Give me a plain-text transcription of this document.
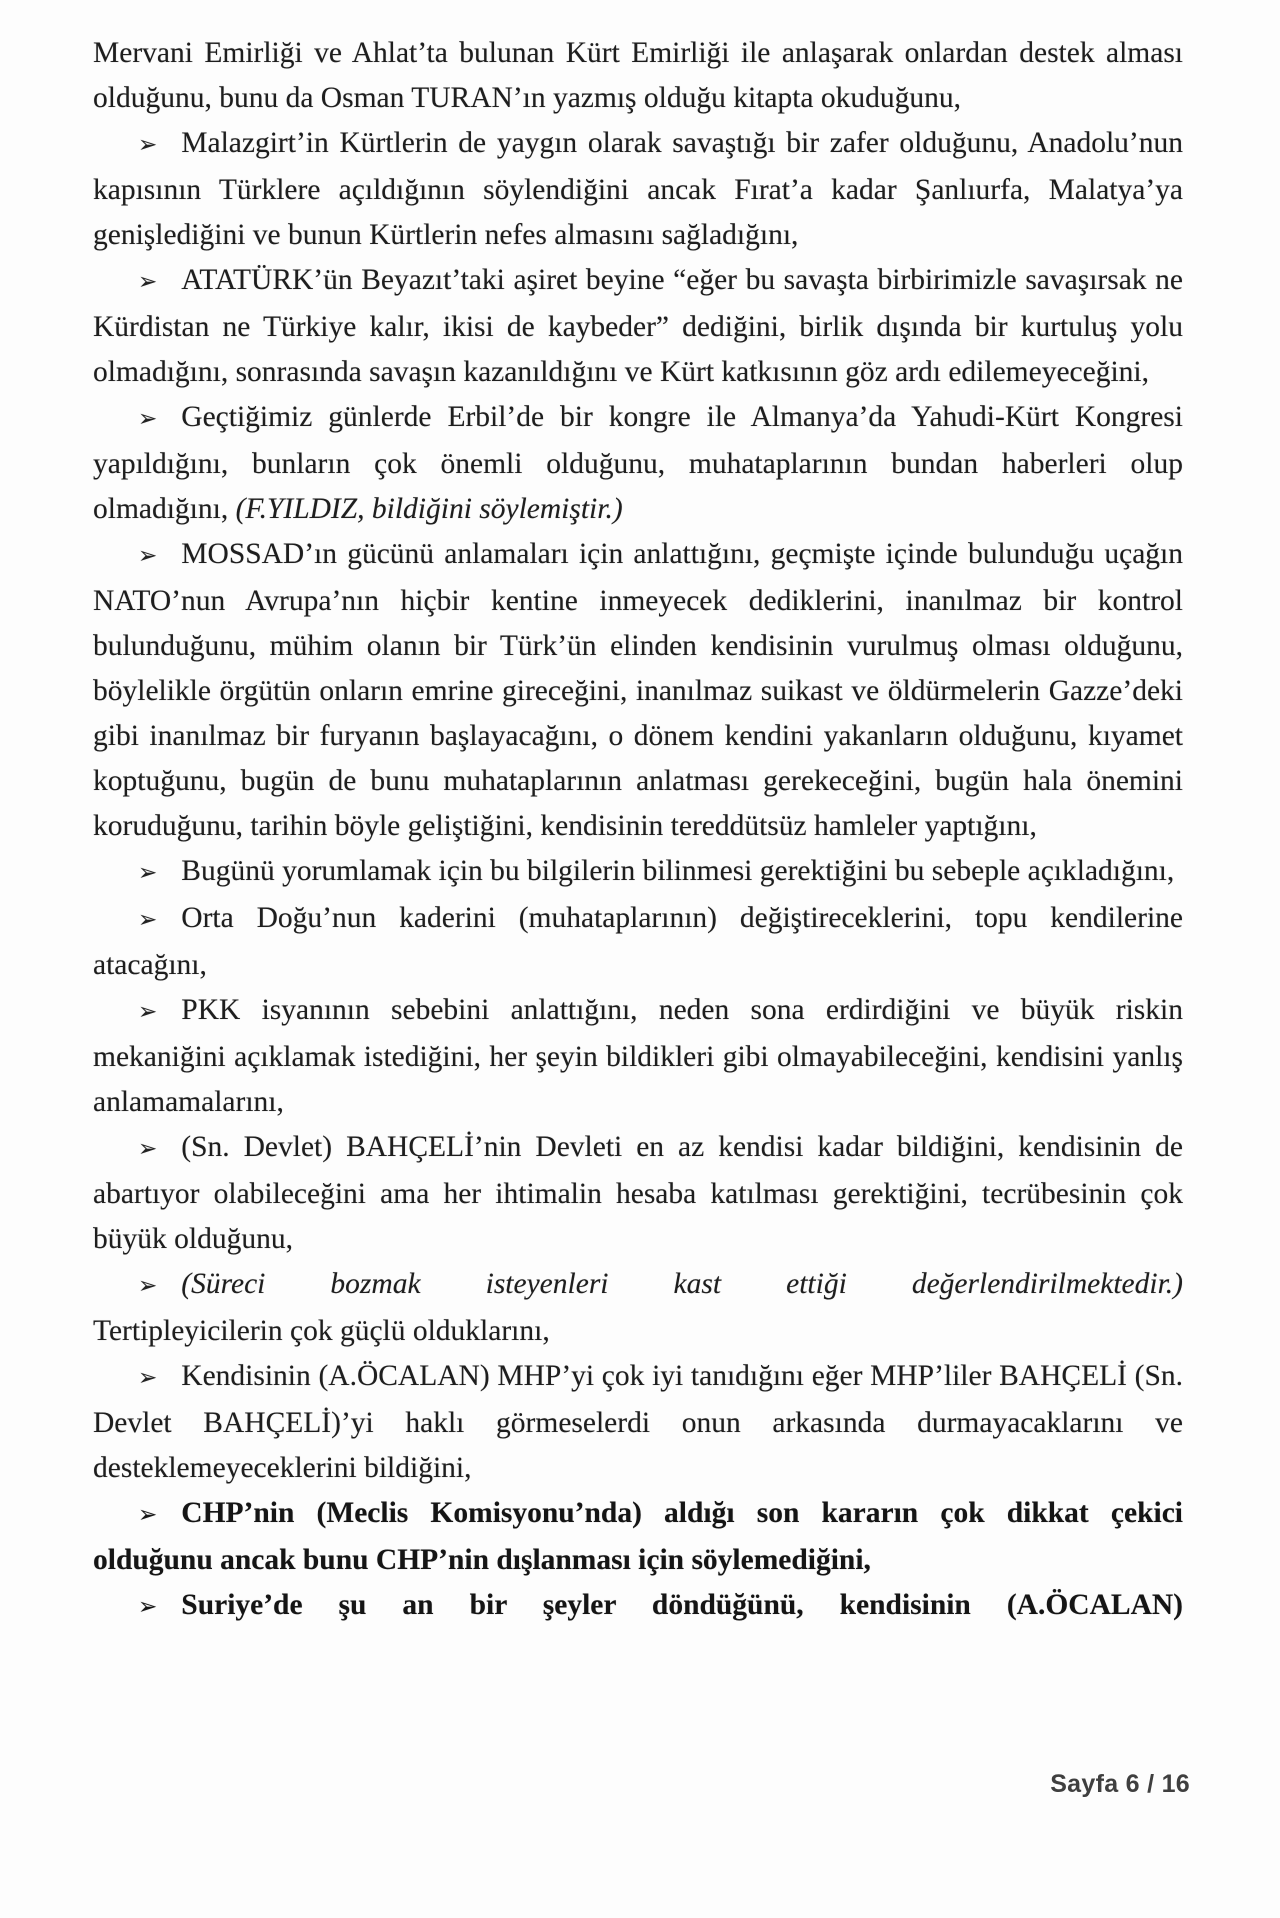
Mervani Emirliği ve Ahlat’ta bulunan Kürt Emirliği ile anlaşarak onlardan destek alması olduğunu, bunu da Osman TURAN’ın yazmış olduğu kitapta okuduğunu,

➢ Malazgirt’in Kürtlerin de yaygın olarak savaştığı bir zafer olduğunu, Anadolu’nun kapısının Türklere açıldığının söylendiğini ancak Fırat’a kadar Şanlıurfa, Malatya’ya genişlediğini ve bunun Kürtlerin nefes almasını sağladığını,

➢ ATATÜRK’ün Beyazıt’taki aşiret beyine “eğer bu savaşta birbirimizle savaşırsak ne Kürdistan ne Türkiye kalır, ikisi de kaybeder” dediğini, birlik dışında bir kurtuluş yolu olmadığını, sonrasında savaşın kazanıldığını ve Kürt katkısının göz ardı edilemeyeceğini,

➢ Geçtiğimiz günlerde Erbil’de bir kongre ile Almanya’da Yahudi-Kürt Kongresi yapıldığını, bunların çok önemli olduğunu, muhataplarının bundan haberleri olup olmadığını, (F.YILDIZ, bildiğini söylemiştir.)

➢ MOSSAD’ın gücünü anlamaları için anlattığını, geçmişte içinde bulunduğu uçağın NATO’nun Avrupa’nın hiçbir kentine inmeyecek dediklerini, inanılmaz bir kontrol bulunduğunu, mühim olanın bir Türk’ün elinden kendisinin vurulmuş olması olduğunu, böylelikle örgütün onların emrine gireceğini, inanılmaz suikast ve öldürmelerin Gazze’deki gibi inanılmaz bir furyanın başlayacağını, o dönem kendini yakanların olduğunu, kıyamet koptuğunu, bugün de bunu muhataplarının anlatması gerekeceğini, bugün hala önemini koruduğunu, tarihin böyle geliştiğini, kendisinin tereddütsüz hamleler yaptığını,

➢ Bugünü yorumlamak için bu bilgilerin bilinmesi gerektiğini bu sebeple açıkladığını,

➢ Orta Doğu’nun kaderini (muhataplarının) değiştireceklerini, topu kendilerine atacağını,

➢ PKK isyanının sebebini anlattığını, neden sona erdirdiğini ve büyük riskin mekaniğini açıklamak istediğini, her şeyin bildikleri gibi olmayabileceğini, kendisini yanlış anlamamalarını,

➢ (Sn. Devlet) BAHÇELİ’nin Devleti en az kendisi kadar bildiğini, kendisinin de abartıyor olabileceğini ama her ihtimalin hesaba katılması gerektiğini, tecrübesinin çok büyük olduğunu,

➢ (Süreci bozmak isteyenleri kast ettiği değerlendirilmektedir.)

Tertipleyicilerin çok güçlü olduklarını,

➢ Kendisinin (A.ÖCALAN) MHP’yi çok iyi tanıdığını eğer MHP’liler BAHÇELİ (Sn. Devlet BAHÇELİ)’yi haklı görmeselerdi onun arkasında durmayacaklarını ve desteklemeyeceklerini bildiğini,

➢ CHP’nin (Meclis Komisyonu’nda) aldığı son kararın çok dikkat çekici olduğunu ancak bunu CHP’nin dışlanması için söylemediğini,

➢ Suriye’de şu an bir şeyler döndüğünü, kendisinin (A.ÖCALAN)

Sayfa 6 / 16
